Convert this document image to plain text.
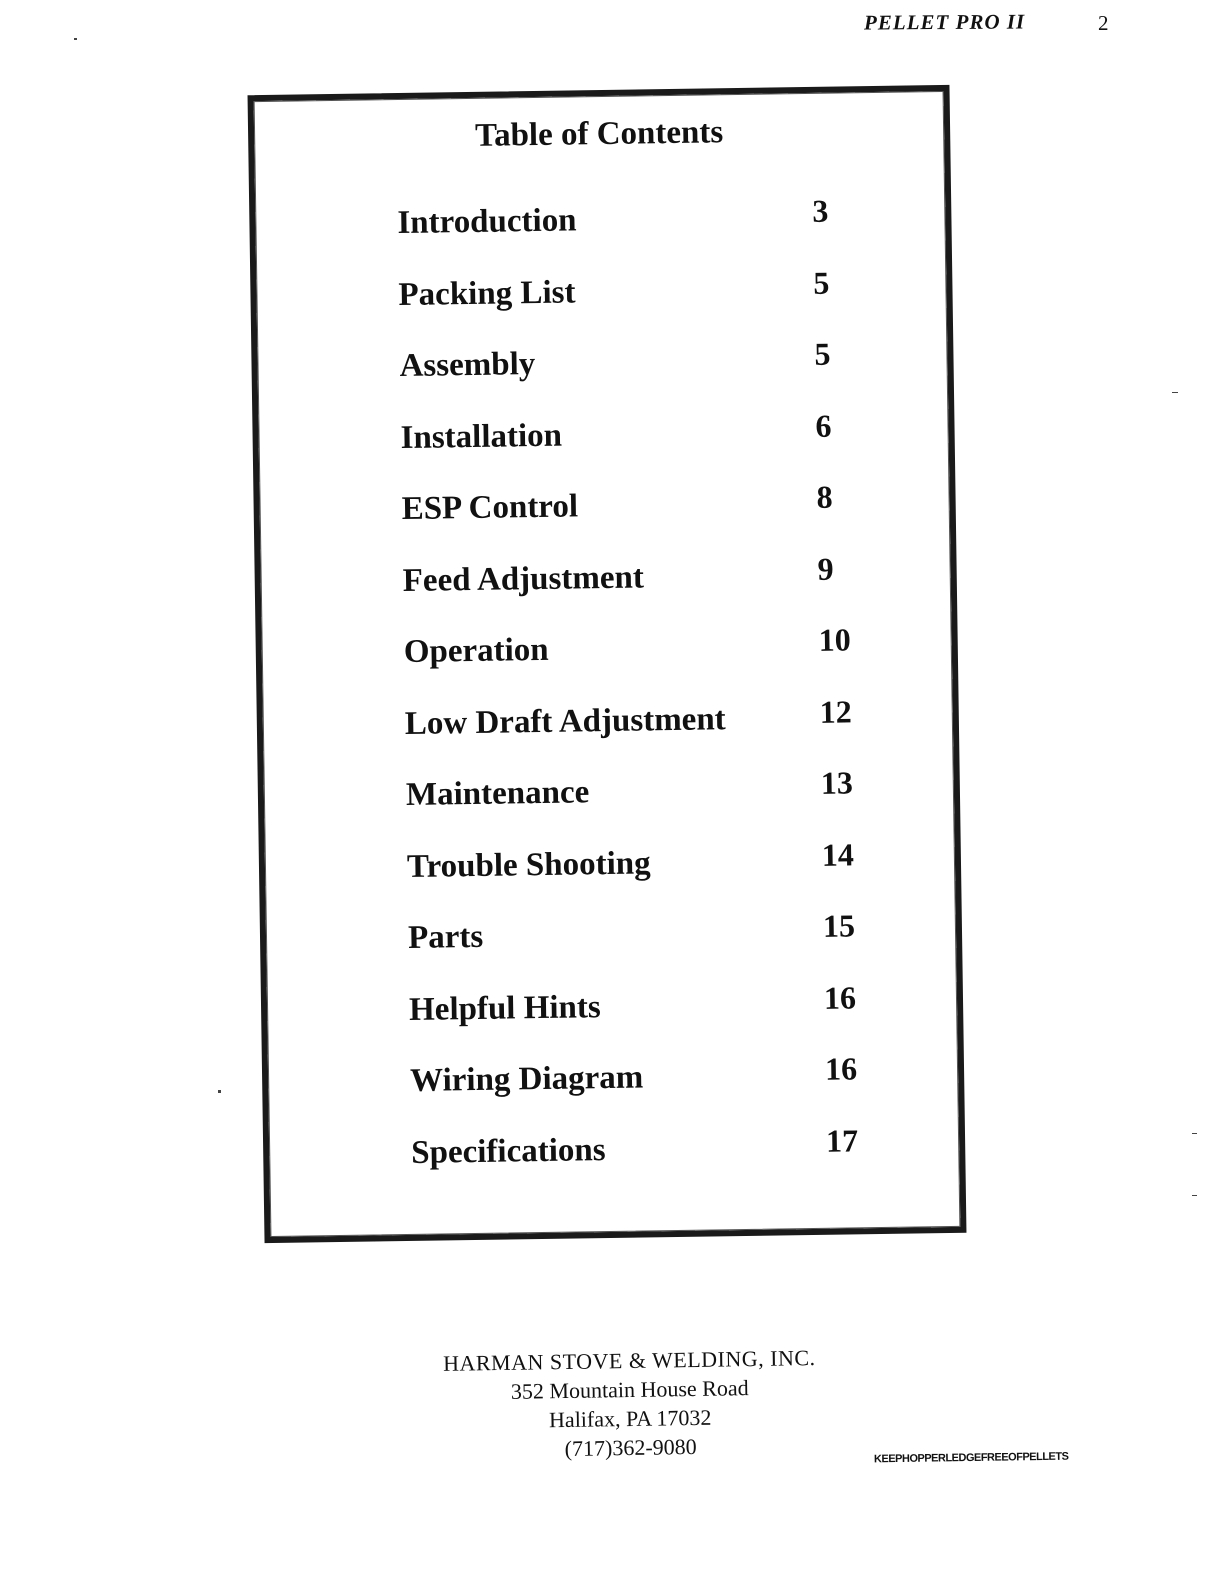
PELLET PRO II	2
Table of Contents
Introduction	3
Packing List	5
Assembly	5
Installation	6
ESP Control	8
Feed Adjustment	9
Operation	10
Low Draft Adjustment	12
Maintenance	13
Trouble Shooting	14
Parts	15
Helpful Hints	16
Wiring Diagram	16
Specifications	17
HARMAN STOVE & WELDING, INC.
352 Mountain House Road
Halifax, PA 17032
(717)362-9080	KEEPHOPPERLEDGEFREEOFPELLETS
